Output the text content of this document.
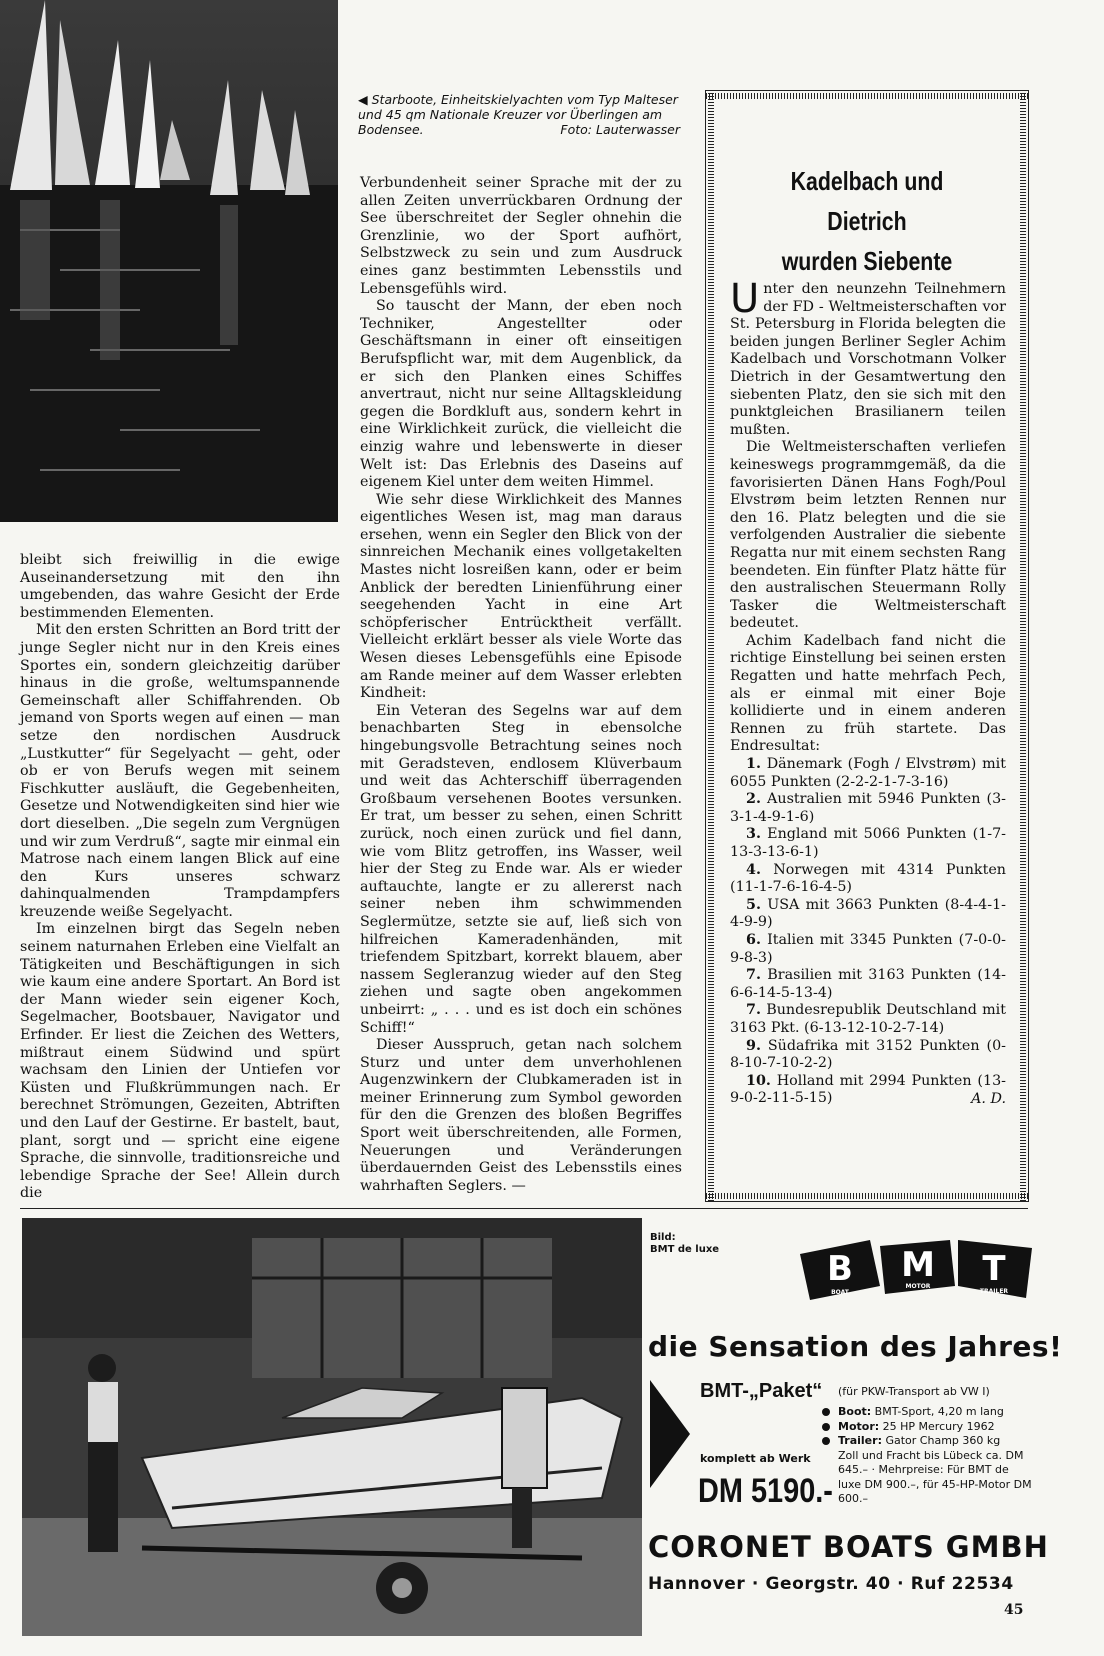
◀ Starboote, Einheitskielyachten vom Typ Malteser und 45 qm Nationale Kreuzer vor Überlingen am Bodensee.	Foto: Lauterwasser

bleibt sich freiwillig in die ewige Auseinandersetzung mit den ihn umgebenden, das wahre Gesicht der Erde bestimmenden Elementen.

Mit den ersten Schritten an Bord tritt der junge Segler nicht nur in den Kreis eines Sportes ein, sondern gleichzeitig darüber hinaus in die große, weltumspannende Gemeinschaft aller Schiffahrenden. Ob jemand von Sports wegen auf einen — man setze den nordischen Ausdruck „Lustkutter“ für Segelyacht — geht, oder ob er von Berufs wegen mit seinem Fischkutter ausläuft, die Gegebenheiten, Gesetze und Notwendigkeiten sind hier wie dort dieselben. „Die segeln zum Vergnügen und wir zum Verdruß“, sagte mir einmal ein Matrose nach einem langen Blick auf eine den Kurs unseres schwarz dahinqualmenden Trampdampfers kreuzende weiße Segelyacht.

Im einzelnen birgt das Segeln neben seinem naturnahen Erleben eine Vielfalt an Tätigkeiten und Beschäftigungen in sich wie kaum eine andere Sportart. An Bord ist der Mann wieder sein eigener Koch, Segelmacher, Bootsbauer, Navigator und Erfinder. Er liest die Zeichen des Wetters, mißtraut einem Südwind und spürt wachsam den Linien der Untiefen vor Küsten und Flußkrümmungen nach. Er berechnet Strömungen, Gezeiten, Abtriften und den Lauf der Gestirne. Er bastelt, baut, plant, sorgt und — spricht eine eigene Sprache, die sinnvolle, traditionsreiche und lebendige Sprache der See! Allein durch die

Verbundenheit seiner Sprache mit der zu allen Zeiten unverrückbaren Ordnung der See überschreitet der Segler ohnehin die Grenzlinie, wo der Sport aufhört, Selbstzweck zu sein und zum Ausdruck eines ganz bestimmten Lebensstils und Lebensgefühls wird.

So tauscht der Mann, der eben noch Techniker, Angestellter oder Geschäftsmann in einer oft einseitigen Berufspflicht war, mit dem Augenblick, da er sich den Planken eines Schiffes anvertraut, nicht nur seine Alltagskleidung gegen die Bordkluft aus, sondern kehrt in eine Wirklichkeit zurück, die vielleicht die einzig wahre und lebenswerte in dieser Welt ist: Das Erlebnis des Daseins auf eigenem Kiel unter dem weiten Himmel.

Wie sehr diese Wirklichkeit des Mannes eigentliches Wesen ist, mag man daraus ersehen, wenn ein Segler den Blick von der sinnreichen Mechanik eines vollgetakelten Mastes nicht losreißen kann, oder er beim Anblick der beredten Linienführung einer seegehenden Yacht in eine Art schöpferischer Entrücktheit verfällt. Vielleicht erklärt besser als viele Worte das Wesen dieses Lebensgefühls eine Episode am Rande meiner auf dem Wasser erlebten Kindheit:

Ein Veteran des Segelns war auf dem benachbarten Steg in ebensolche hingebungsvolle Betrachtung seines noch mit Geradsteven, endlosem Klüverbaum und weit das Achterschiff überragenden Großbaum versehenen Bootes versunken. Er trat, um besser zu sehen, einen Schritt zurück, noch einen zurück und fiel dann, wie vom Blitz getroffen, ins Wasser, weil hier der Steg zu Ende war. Als er wieder auftauchte, langte er zu allererst nach seiner neben ihm schwimmenden Seglermütze, setzte sie auf, ließ sich von hilfreichen Kameradenhänden, mit triefendem Spitzbart, korrekt blauem, aber nassem Segleranzug wieder auf den Steg ziehen und sagte oben angekommen unbeirrt: „ . . . und es ist doch ein schönes Schiff!“

Dieser Ausspruch, getan nach solchem Sturz und unter dem unverhohlenen Augenzwinkern der Clubkameraden ist in meiner Erinnerung zum Symbol geworden für den die Grenzen des bloßen Begriffes Sport weit überschreitenden, alle Formen, Neuerungen und Veränderungen überdauernden Geist des Lebensstils eines wahrhaften Seglers. —

Kadelbach und Dietrich
wurden Siebente

Unter den neunzehn Teilnehmern der FD - Weltmeisterschaften vor St. Petersburg in Florida belegten die beiden jungen Berliner Segler Achim Kadelbach und Vorschotmann Volker Dietrich in der Gesamtwertung den siebenten Platz, den sie sich mit den punktgleichen Brasilianern teilen mußten.

Die Weltmeisterschaften verliefen keineswegs programmgemäß, da die favorisierten Dänen Hans Fogh/Poul Elvstrøm beim letzten Rennen nur den 16. Platz belegten und die sie verfolgenden Australier die siebente Regatta nur mit einem sechsten Rang beendeten. Ein fünfter Platz hätte für den australischen Steuermann Rolly Tasker die Weltmeisterschaft bedeutet.

Achim Kadelbach fand nicht die richtige Einstellung bei seinen ersten Regatten und hatte mehrfach Pech, als er einmal mit einer Boje kollidierte und in einem anderen Rennen zu früh startete. Das Endresultat:

1. Dänemark (Fogh / Elvstrøm) mit 6055 Punkten (2-2-2-1-7-3-16)

2. Australien mit 5946 Punkten (3-3-1-4-9-1-6)

3. England mit 5066 Punkten (1-7-13-3-13-6-1)

4. Norwegen mit 4314 Punkten (11-1-7-6-16-4-5)

5. USA mit 3663 Punkten (8-4-4-1-4-9-9)

6. Italien mit 3345 Punkten (7-0-0-9-8-3)

7. Brasilien mit 3163 Punkten (14-6-6-14-5-13-4)

7. Bundesrepublik Deutschland mit 3163 Pkt. (6-13-12-10-2-7-14)

9. Südafrika mit 3152 Punkten (0-8-10-7-10-2-2)

10. Holland mit 2994 Punkten (13-9-0-2-11-5-15)	A. D.
Bild:
BMT de luxe	B M T
BOAT
MOTOR
TRAILER
die Sensation des Jahres!
BMT-„Paket“ (für PKW-Transport ab VW I)
Boot: BMT-Sport, 4,20 m lang
Motor: 25 HP Mercury 1962
Trailer: Gator Champ 360 kg
Zoll und Fracht bis Lübeck ca. DM 645.– · Mehrpreise: Für BMT de luxe DM 900.–, für 45-HP-Motor DM 600.–
komplett ab Werk
DM 5190.-
CORONET BOATS GMBH
Hannover · Georgstr. 40 · Ruf 22534
45
